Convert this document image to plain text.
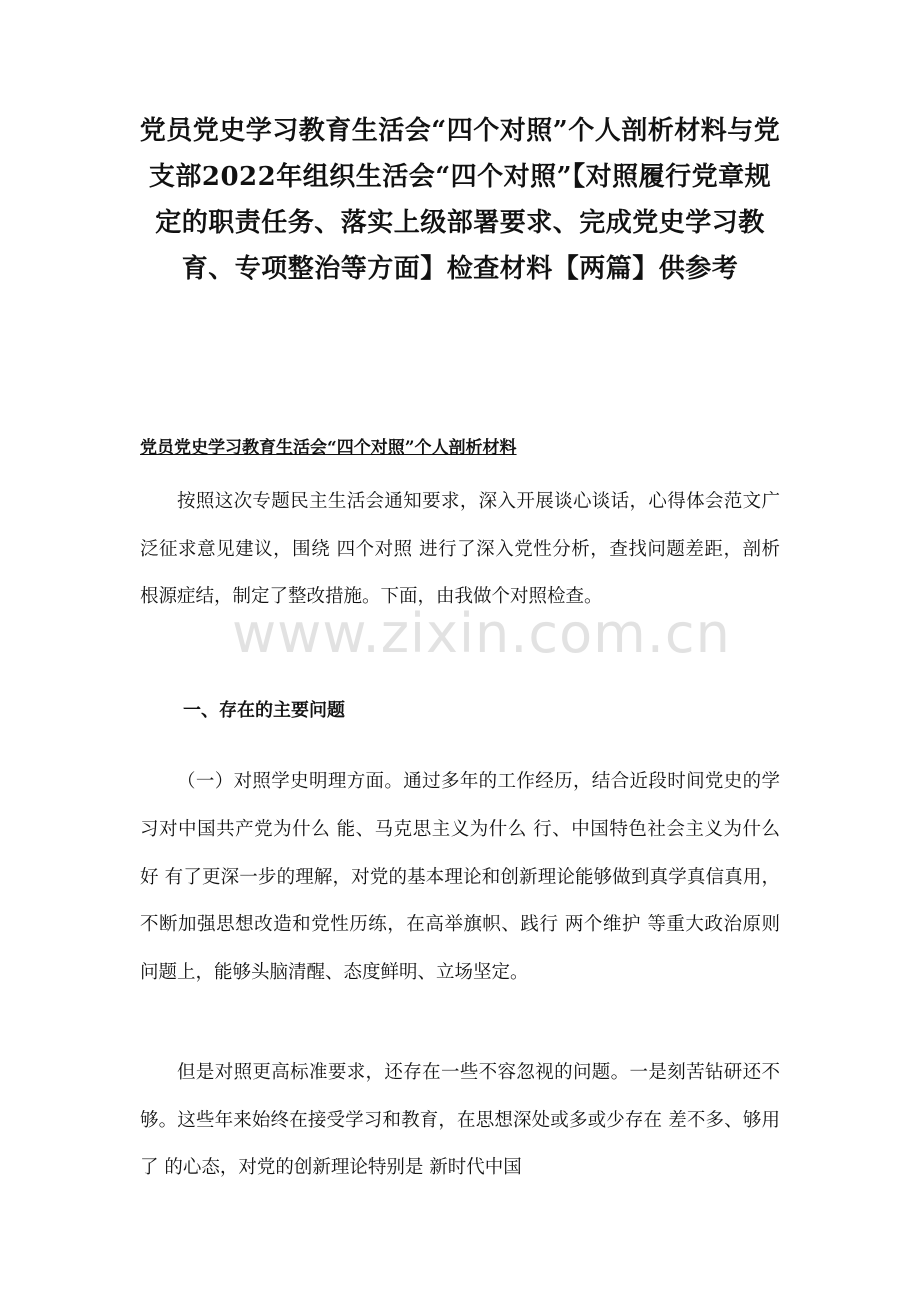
党员党史学习教育生活会“四个对照”个人剖析材料与党支部2022年组织生活会“四个对照”【对照履行党章规定的职责任务、落实上级部署要求、完成党史学习教育、专项整治等方面】检查材料【两篇】供参考

党员党史学习教育生活会“四个对照”个人剖析材料

按照这次专题民主生活会通知要求，深入开展谈心谈话，心得体会范文广泛征求意见建议，围绕 四个对照 进行了深入党性分析，查找问题差距，剖析根源症结，制定了整改措施。下面，由我做个对照检查。

www.zixin.com.cn

一、存在的主要问题

（一）对照学史明理方面。通过多年的工作经历，结合近段时间党史的学习对中国共产党为什么 能、马克思主义为什么 行、中国特色社会主义为什么 好 有了更深一步的理解，对党的基本理论和创新理论能够做到真学真信真用，不断加强思想改造和党性历练，在高举旗帜、践行 两个维护 等重大政治原则问题上，能够头脑清醒、态度鲜明、立场坚定。

但是对照更高标准要求，还存在一些不容忽视的问题。一是刻苦钻研还不够。这些年来始终在接受学习和教育，在思想深处或多或少存在 差不多、够用了 的心态，对党的创新理论特别是 新时代中国
